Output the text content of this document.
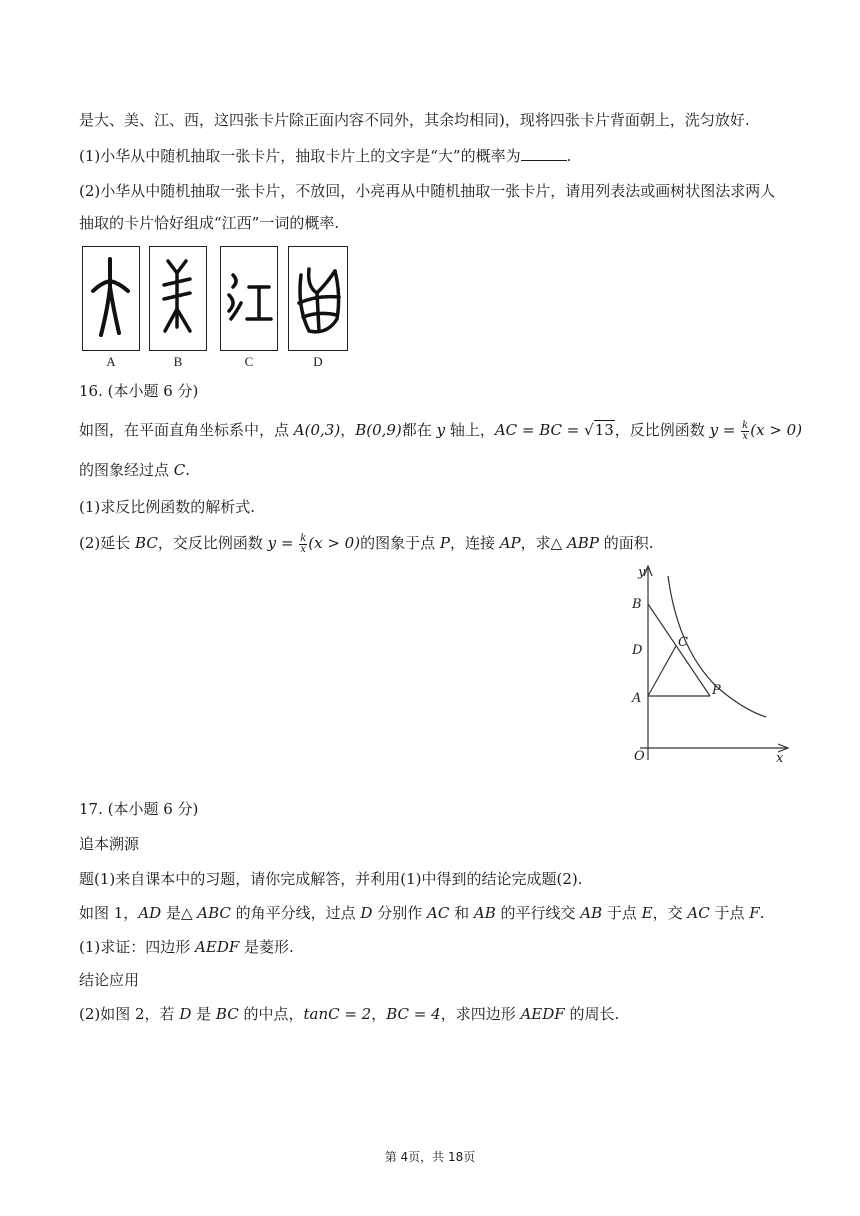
是大、美、江、西，这四张卡片除正面内容不同外，其余均相同)，现将四张卡片背面朝上，洗匀放好.
(1)小华从中随机抽取一张卡片，抽取卡片上的文字是“大”的概率为	.
(2)小华从中随机抽取一张卡片，不放回，小亮再从中随机抽取一张卡片，请用列表法或画树状图法求两人
抽取的卡片恰好组成“江西”一词的概率.
A	B	C	D
16. (本小题 6 分)
如图，在平面直角坐标系中，点 A(0,3)，B(0,9)都在 y 轴上，AC = BC = √13，反比例函数 $y = \frac{k}{x} (x > 0)$
的图象经过点 C.
(1)求反比例函数的解析式.
(2)延长 BC，交反比例函数 $y = \frac{k}{x} (x > 0)$的图象于点 P，连接 AP，求△ ABP 的面积.
y
x
O
B
C
D
A
P
17. (本小题 6 分)
追本溯源
题(1)来自课本中的习题，请你完成解答，并利用(1)中得到的结论完成题(2).
如图 1，AD 是△ ABC 的角平分线，过点 D 分别作 AC 和 AB 的平行线交 AB 于点 E，交 AC 于点 F.
(1)求证：四边形 AEDF 是菱形.
结论应用
(2)如图 2，若 D 是 BC 的中点，tanC = 2，BC = 4，求四边形 AEDF 的周长.
第 4页，共 18页
